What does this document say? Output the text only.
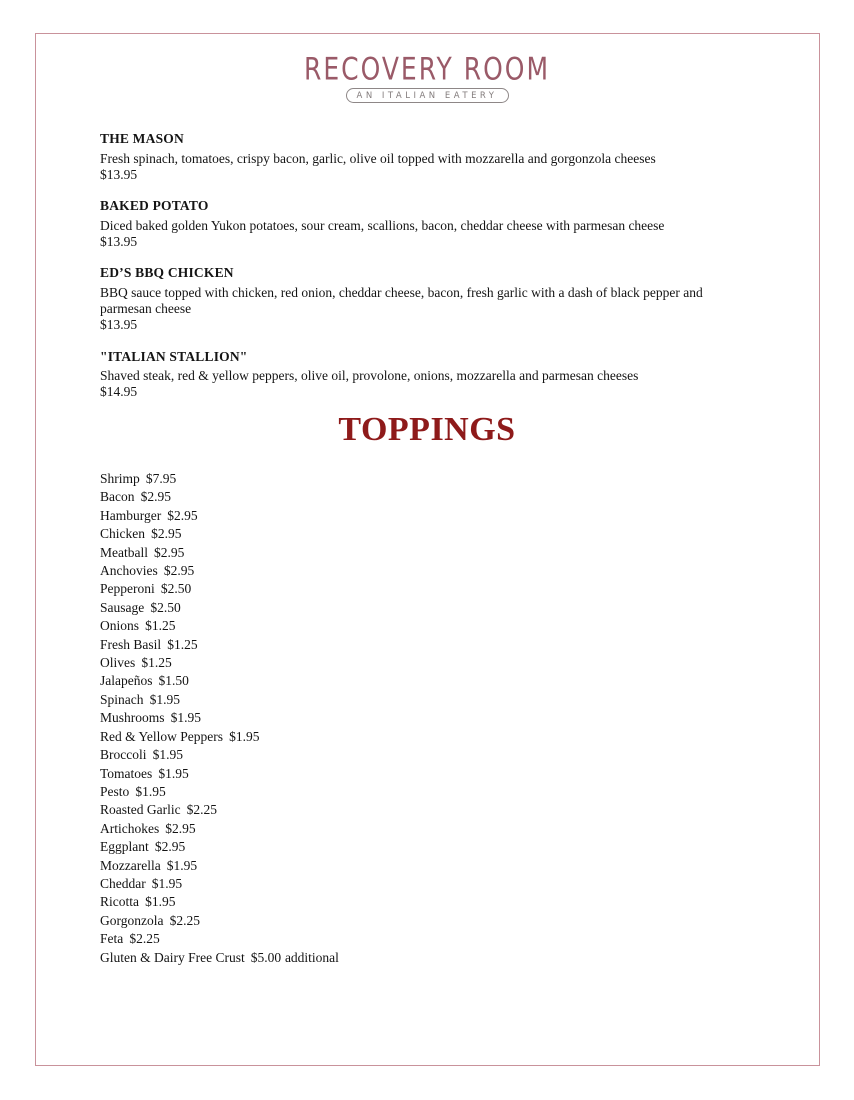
RECOVERY ROOM
AN ITALIAN EATERY
THE MASON

Fresh spinach, tomatoes, crispy bacon, garlic, olive oil topped with mozzarella and gorgonzola cheeses

$13.95

BAKED POTATO

Diced baked golden Yukon potatoes, sour cream, scallions, bacon, cheddar cheese with parmesan cheese

$13.95

ED’S BBQ CHICKEN

BBQ sauce topped with chicken, red onion, cheddar cheese, bacon, fresh garlic with a dash of black pepper and parmesan cheese

$13.95

"ITALIAN STALLION"

Shaved steak, red & yellow peppers, olive oil, provolone, onions, mozzarella and parmesan cheeses

$14.95

TOPPINGS
Shrimp $7.95
Bacon $2.95
Hamburger $2.95
Chicken $2.95
Meatball $2.95
Anchovies $2.95
Pepperoni $2.50
Sausage $2.50
Onions $1.25
Fresh Basil $1.25
Olives $1.25
Jalapeños $1.50
Spinach $1.95
Mushrooms $1.95
Red & Yellow Peppers $1.95
Broccoli $1.95
Tomatoes $1.95
Pesto $1.95
Roasted Garlic $2.25
Artichokes $2.95
Eggplant $2.95
Mozzarella $1.95
Cheddar $1.95
Ricotta $1.95
Gorgonzola $2.25
Feta $2.25
Gluten & Dairy Free Crust $5.00 additional
